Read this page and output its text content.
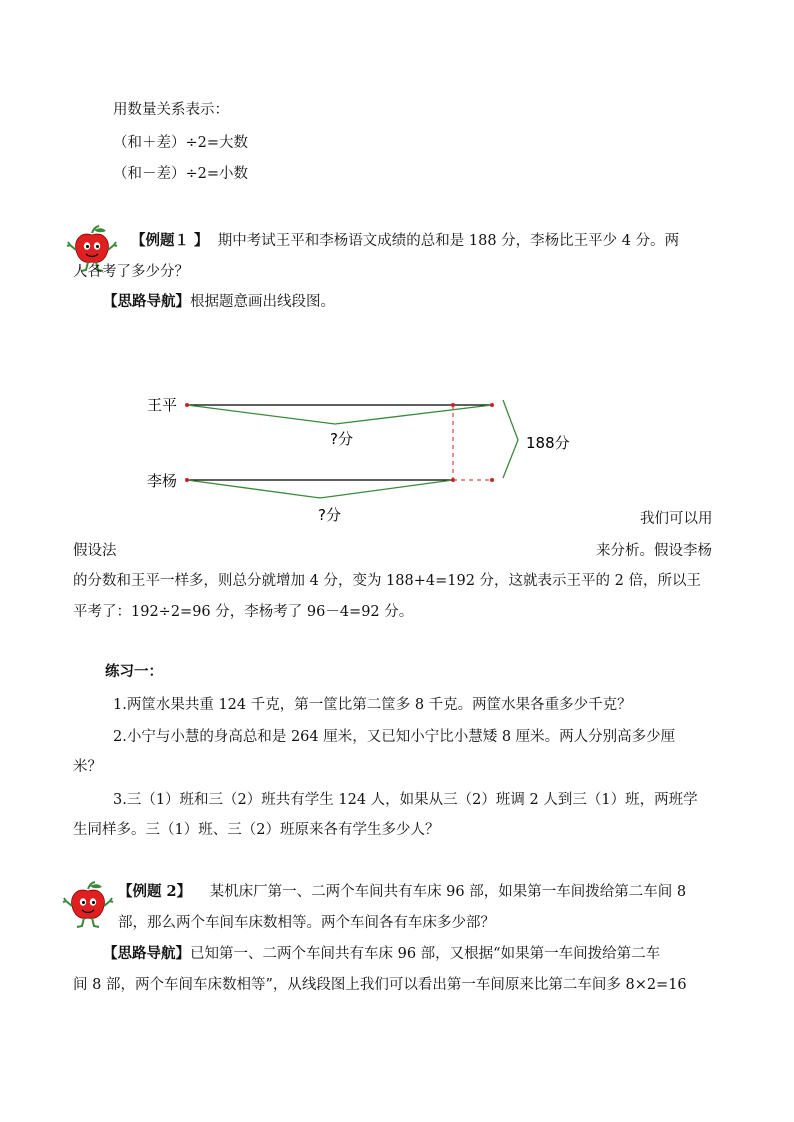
用数量关系表示：
（和＋差）÷2=大数
（和－差）÷2=小数
【例题１ 】 期中考试王平和李杨语文成绩的总和是 188 分，李杨比王平少 4 分。两
人各考了多少分？
【思路导航】根据题意画出线段图。
王平
?分
李杨
?分
188分
我们可以用
假设法	来分析。假设李杨
的分数和王平一样多，则总分就增加 4 分，变为 188+4=192 分，这就表示王平的 2 倍，所以王
平考了：192÷2=96 分，李杨考了 96－4=92 分。
练习一：
1.两筐水果共重 124 千克，第一筐比第二筐多 8 千克。两筐水果各重多少千克？
2.小宁与小慧的身高总和是 264 厘米，又已知小宁比小慧矮 8 厘米。两人分别高多少厘
米？
3.三（1）班和三（2）班共有学生 124 人，如果从三（2）班调 2 人到三（1）班，两班学
生同样多。三（1）班、三（2）班原来各有学生多少人？
【例题 2】 某机床厂第一、二两个车间共有车床 96 部，如果第一车间拨给第二车间 8
部，那么两个车间车床数相等。两个车间各有车床多少部？
【思路导航】已知第一、二两个车间共有车床 96 部，又根据“如果第一车间拨给第二车
间 8 部，两个车间车床数相等”，从线段图上我们可以看出第一车间原来比第二车间多 8×2=16
